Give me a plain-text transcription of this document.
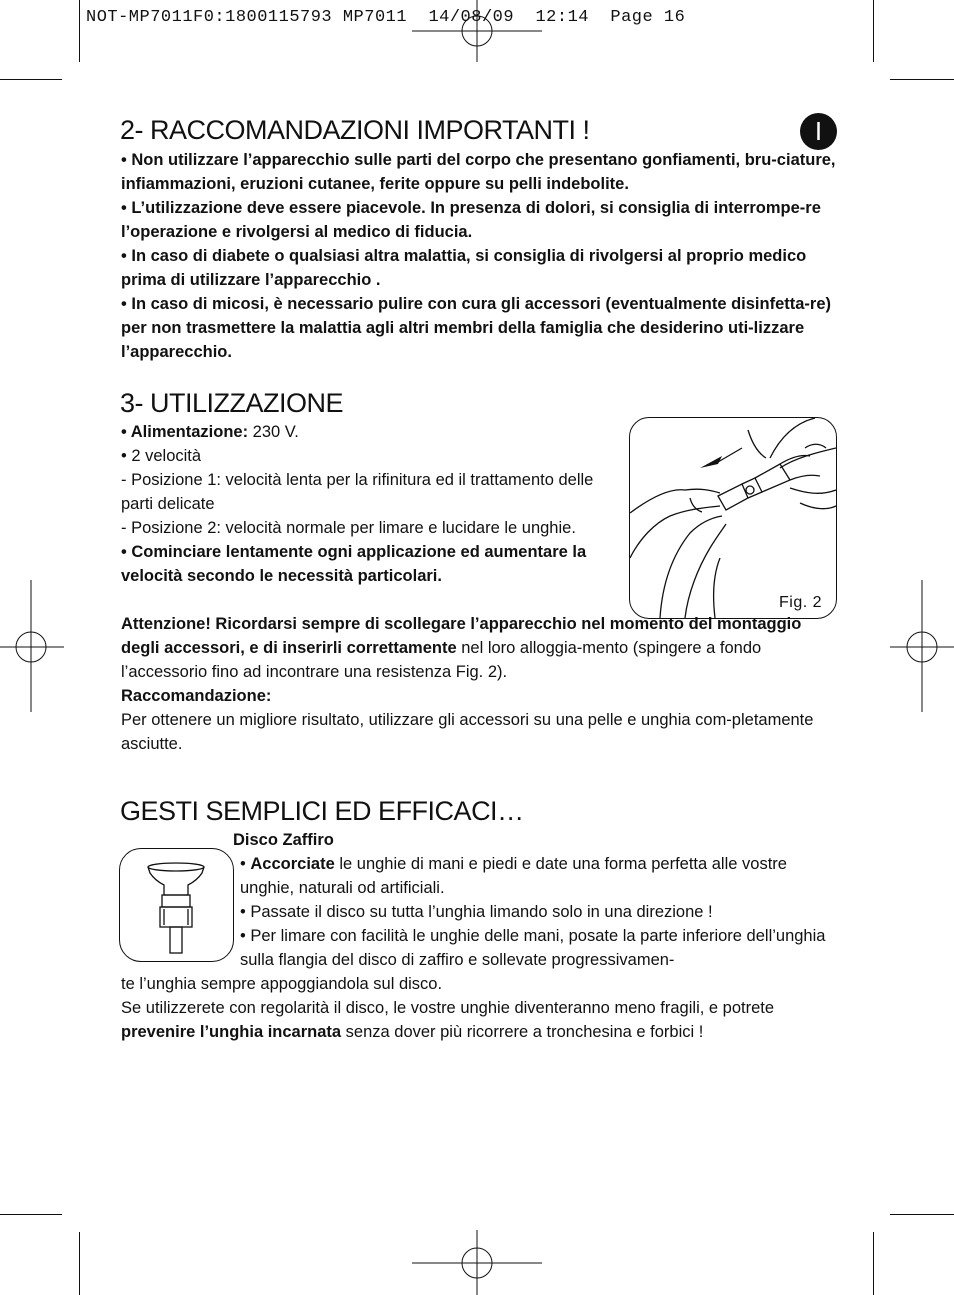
NOT-MP7011F0:1800115793 MP7011  14/08/09  12:14  Page 16
I
2- RACCOMANDAZIONI IMPORTANTI !

• Non utilizzare l’apparecchio sulle parti del corpo che presentano gonfiamenti, bru-ciature, infiammazioni, eruzioni cutanee, ferite oppure su pelli indebolite.

• L’utilizzazione deve essere piacevole. In presenza di dolori, si consiglia di interrompe-re l’operazione e rivolgersi al medico di fiducia.

• In caso di diabete o qualsiasi altra malattia, si consiglia di rivolgersi al proprio medico prima di utilizzare l’apparecchio .

• In caso di micosi, è necessario pulire con cura gli accessori (eventualmente disinfetta-re) per non trasmettere la malattia agli altri membri della famiglia che desiderino uti-lizzare l’apparecchio.

3- UTILIZZAZIONE

• Alimentazione: 230 V.

• 2 velocità

- Posizione 1: velocità lenta per la rifinitura ed il trattamento delle parti delicate

- Posizione 2: velocità normale per limare e lucidare le unghie.

• Cominciare lentamente ogni applicazione ed aumentare la velocità secondo le necessità particolari.

Attenzione! Ricordarsi sempre di scollegare l’apparecchio nel momento del montaggio degli accessori, e di inserirli correttamente nel loro alloggia-mento (spingere a fondo l’accessorio fino ad incontrare una resistenza Fig. 2).

Raccomandazione:

Per ottenere un migliore risultato, utilizzare gli accessori su una pelle e unghia com-pletamente asciutte.

Fig. 2
GESTI SEMPLICI ED EFFICACI…

Disco Zaffiro

• Accorciate le unghie di mani e piedi e date una forma perfetta alle vostre unghie, naturali od artificiali.

• Passate il disco su tutta l’unghia limando solo in una direzione !

• Per limare con facilità le unghie delle mani, posate la parte inferiore dell’unghia sulla flangia del disco di zaffiro e sollevate progressivamen-

te l’unghia sempre appoggiandola sul disco.

Se utilizzerete con regolarità il disco, le vostre unghie diventeranno meno fragili, e potrete prevenire l’unghia incarnata senza dover più ricorrere a tronchesina e forbici !
